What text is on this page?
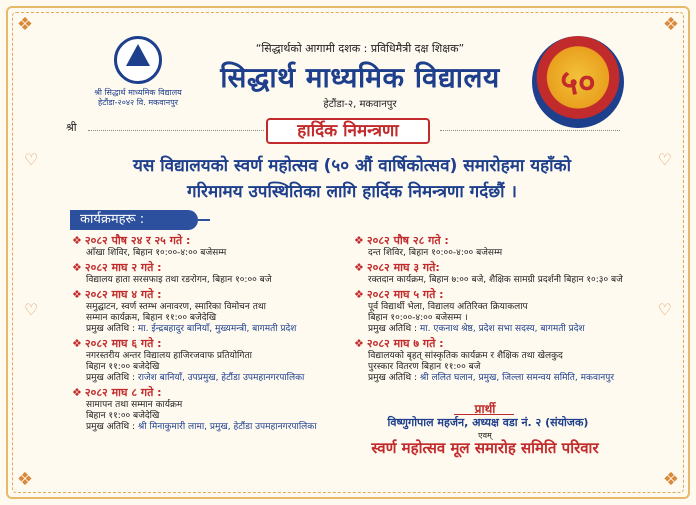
❖	❖
❖	❖
♡	♡
♡	♡
श्री सिद्धार्थ माध्यमिक विद्यालय हेटौंडा-२०४२ वि. मकवानपुर
“सिद्धार्थको आगामी दशक : प्रविधिमैत्री दक्ष शिक्षक”
सिद्धार्थ माध्यमिक विद्यालय
हेटौंडा-२, मकवानपुर
५०
श्री	हार्दिक निमन्त्रणा
यस विद्यालयको स्वर्ण महोत्सव (५० औं वार्षिकोत्सव) समारोहमा यहाँको
गरिमामय उपस्थितिका लागि हार्दिक निमन्त्रणा गर्दछौं ।
कार्यक्रमहरू :
❖ २०८२ पौष २४ र २५ गते :
आँखा शिविर, बिहान १०:००-४:०० बजेसम्म
❖ २०८२ माघ २ गते :
विद्यालय हाता सरसफाइ तथा रङरोगन, बिहान १०:०० बजे
❖ २०८२ माघ ४ गते :
समुद्घाटन, स्वर्ण स्तम्भ अनावरण, स्मारिका विमोचन तथा
सम्मान कार्यक्रम, बिहान ११:०० बजेदेखि
प्रमुख अतिथि : मा. ईन्द्रबहादुर बानियाँ, मुख्यमन्त्री, बागमती प्रदेश
❖ २०८२ माघ ६ गते :
नगरस्तरीय अन्तर विद्यालय हाजिरजवाफ प्रतियोगिता
बिहान ११:०० बजेदेखि
प्रमुख अतिथि : राजेश बानियाँ, उपप्रमुख, हेटौंडा उपमहानगरपालिका
❖ २०८२ माघ ८ गते :
सामापन तथा सम्मान कार्यक्रम
बिहान ११:०० बजेदेखि
प्रमुख अतिथि : श्री मिनाकुमारी लामा, प्रमुख, हेटौंडा उपमहानगरपालिका
❖ २०८२ पौष २८ गते :
दन्त शिविर, बिहान १०:००-४:०० बजेसम्म
❖ २०८२ माघ ३ गते:
रक्तदान कार्यक्रम, बिहान ७:०० बजे, शैक्षिक सामग्री प्रदर्शनी बिहान १०:३० बजे
❖ २०८२ माघ ५ गते :
पूर्व विद्यार्थी भेला, विद्यालय अतिरिक्त क्रियाकलाप
बिहान १०:००-४:०० बजेसम्म ।
प्रमुख अतिथि : मा. एकनाथ श्रेष्ठ, प्रदेश सभा सदस्य, बागमती प्रदेश
❖ २०८२ माघ ७ गते :
विद्यालयको बृहत् सांस्कृतिक कार्यक्रम र शैक्षिक तथा खेलकुद
पुरस्कार वितरण बिहान ११:०० बजे
प्रमुख अतिथि : श्री ललित घलान, प्रमुख, जिल्ला समन्वय समिति, मकवानपुर
प्रार्थी
विष्णुगोपाल महर्जन, अध्यक्ष वडा नं. २ (संयोजक)
एवम्
स्वर्ण महोत्सव मूल समारोह समिति परिवार
